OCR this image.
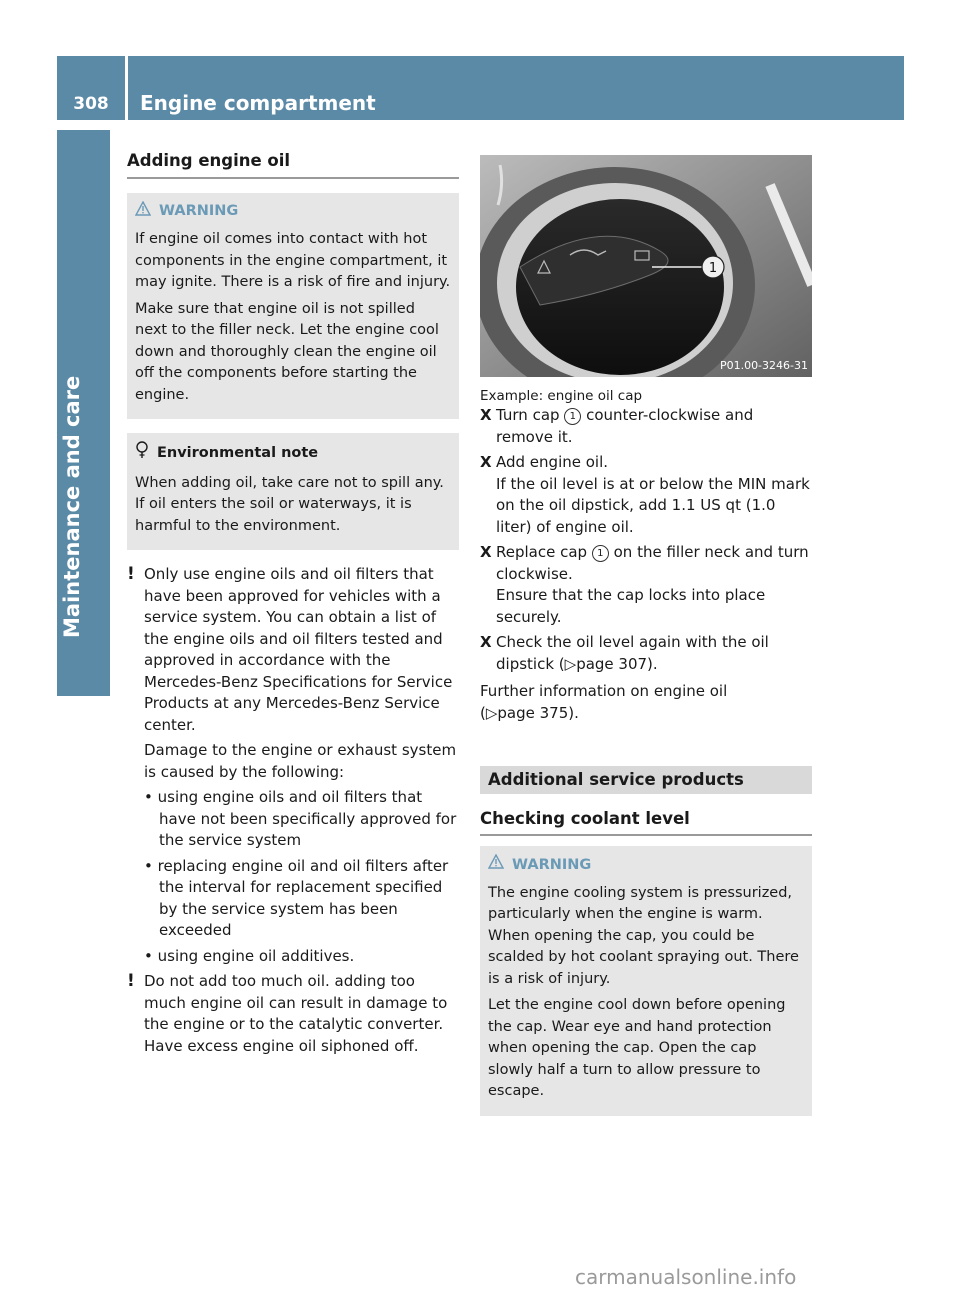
308	Engine compartment
Maintenance and care
Adding engine oil
WARNING

If engine oil comes into contact with hot components in the engine compartment, it may ignite. There is a risk of fire and injury.

Make sure that engine oil is not spilled next to the filler neck. Let the engine cool down and thoroughly clean the engine oil off the components before starting the engine.

Environmental note

When adding oil, take care not to spill any. If oil enters the soil or waterways, it is harmful to the environment.

! Only use engine oils and oil filters that have been approved for vehicles with a service system. You can obtain a list of the engine oils and oil filters tested and approved in accordance with the Mercedes-Benz Specifications for Service Products at any Mercedes-Benz Service center.

Damage to the engine or exhaust system is caused by the following:

• using engine oils and oil filters that have not been specifically approved for the service system

• replacing engine oil and oil filters after the interval for replacement specified by the service system has been exceeded

• using engine oil additives.

! Do not add too much oil. adding too much engine oil can result in damage to the engine or to the catalytic converter. Have excess engine oil siphoned off.

1
P01.00-3246-31
Example: engine oil cap

X Turn cap 1 counter-clockwise and remove it.

X Add engine oil.
If the oil level is at or below the MIN mark on the oil dipstick, add 1.1 US qt (1.0 liter) of engine oil.

X Replace cap 1 on the filler neck and turn clockwise.
Ensure that the cap locks into place securely.

X Check the oil level again with the oil dipstick (▷page 307).

Further information on engine oil
(▷page 375).

Additional service products
Checking coolant level
WARNING

The engine cooling system is pressurized, particularly when the engine is warm. When opening the cap, you could be scalded by hot coolant spraying out. There is a risk of injury.

Let the engine cool down before opening the cap. Wear eye and hand protection when opening the cap. Open the cap slowly half a turn to allow pressure to escape.

carmanualsonline.info
